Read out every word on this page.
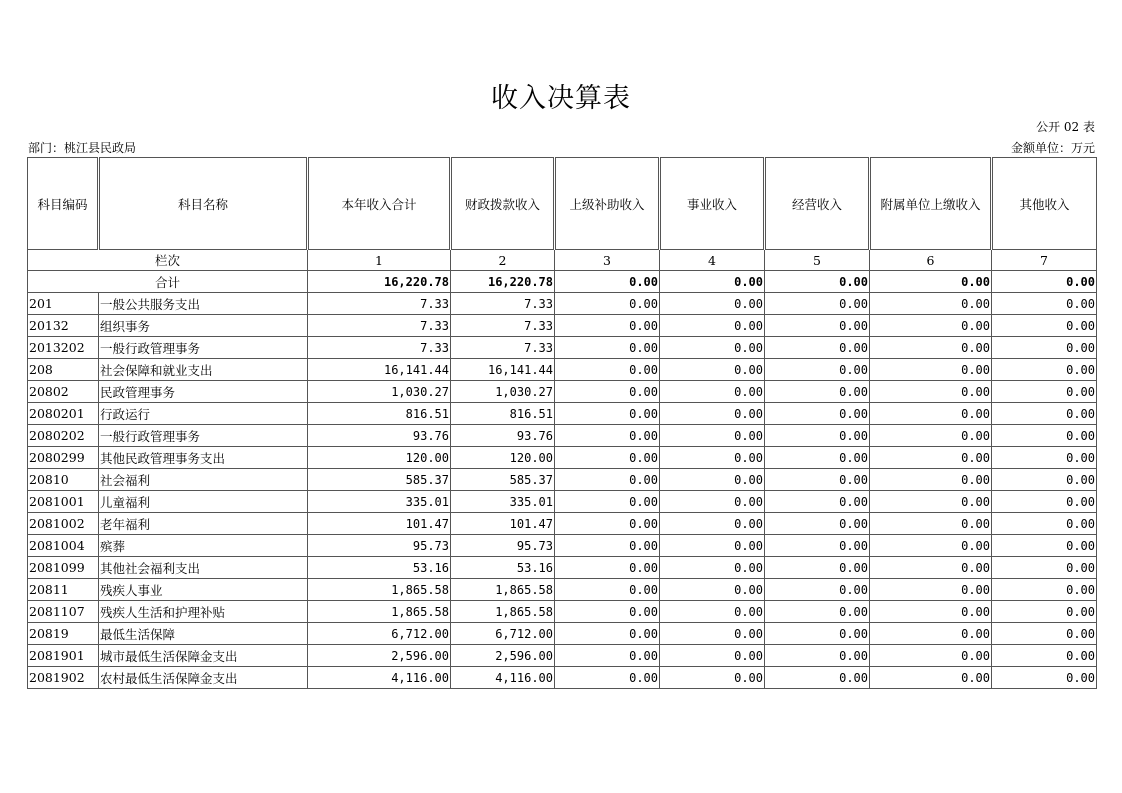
收入决算表
公开 02 表
部门：桃江县民政局	金额单位：万元
科目编码	科目名称	本年收入合计	财政拨款收入	上级补助收入	事业收入	经营收入	附属单位上缴收入	其他收入
栏次		1	2	3	4	5	6	7
合计		16,220.78	16,220.78	0.00	0.00	0.00	0.00	0.00
201	一般公共服务支出	7.33	7.33	0.00	0.00	0.00	0.00	0.00
20132	组织事务	7.33	7.33	0.00	0.00	0.00	0.00	0.00
2013202	一般行政管理事务	7.33	7.33	0.00	0.00	0.00	0.00	0.00
208	社会保障和就业支出	16,141.44	16,141.44	0.00	0.00	0.00	0.00	0.00
20802	民政管理事务	1,030.27	1,030.27	0.00	0.00	0.00	0.00	0.00
2080201	行政运行	816.51	816.51	0.00	0.00	0.00	0.00	0.00
2080202	一般行政管理事务	93.76	93.76	0.00	0.00	0.00	0.00	0.00
2080299	其他民政管理事务支出	120.00	120.00	0.00	0.00	0.00	0.00	0.00
20810	社会福利	585.37	585.37	0.00	0.00	0.00	0.00	0.00
2081001	儿童福利	335.01	335.01	0.00	0.00	0.00	0.00	0.00
2081002	老年福利	101.47	101.47	0.00	0.00	0.00	0.00	0.00
2081004	殡葬	95.73	95.73	0.00	0.00	0.00	0.00	0.00
2081099	其他社会福利支出	53.16	53.16	0.00	0.00	0.00	0.00	0.00
20811	残疾人事业	1,865.58	1,865.58	0.00	0.00	0.00	0.00	0.00
2081107	残疾人生活和护理补贴	1,865.58	1,865.58	0.00	0.00	0.00	0.00	0.00
20819	最低生活保障	6,712.00	6,712.00	0.00	0.00	0.00	0.00	0.00
2081901	城市最低生活保障金支出	2,596.00	2,596.00	0.00	0.00	0.00	0.00	0.00
2081902	农村最低生活保障金支出	4,116.00	4,116.00	0.00	0.00	0.00	0.00	0.00
